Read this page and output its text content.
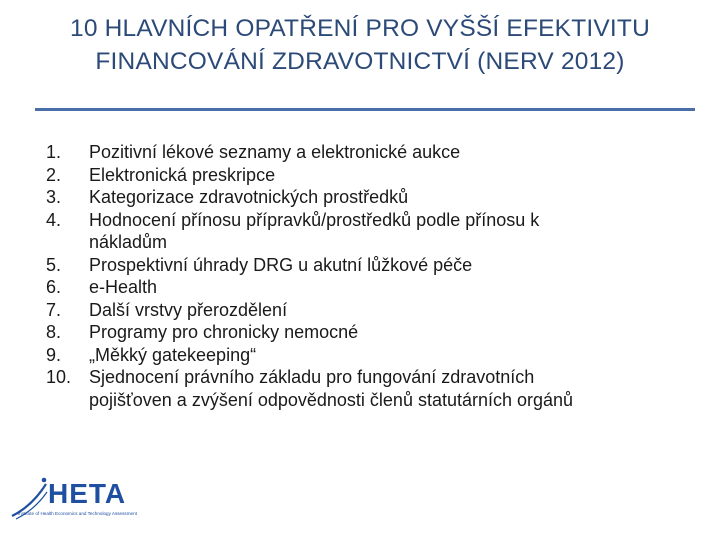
10 HLAVNÍCH OPATŘENÍ PRO VYŠŠÍ EFEKTIVITU
FINANCOVÁNÍ ZDRAVOTNICTVÍ (NERV 2012)
1.	Pozitivní lékové seznamy a elektronické aukce
2.	Elektronická preskripce
3.	Kategorizace zdravotnických prostředků
4.	Hodnocení přínosu přípravků/prostředků podle přínosu k
nákladům
5.	Prospektivní úhrady DRG u akutní lůžkové péče
6.	e-Health
7.	Další vrstvy přerozdělení
8.	Programy pro chronicky nemocné
9.	„Měkký gatekeeping“
10. Sjednocení právního základu pro fungování zdravotních
pojišťoven a zvýšení odpovědnosti členů statutárních orgánů
HETA
Institute of Health Economics and Technology Assessment
